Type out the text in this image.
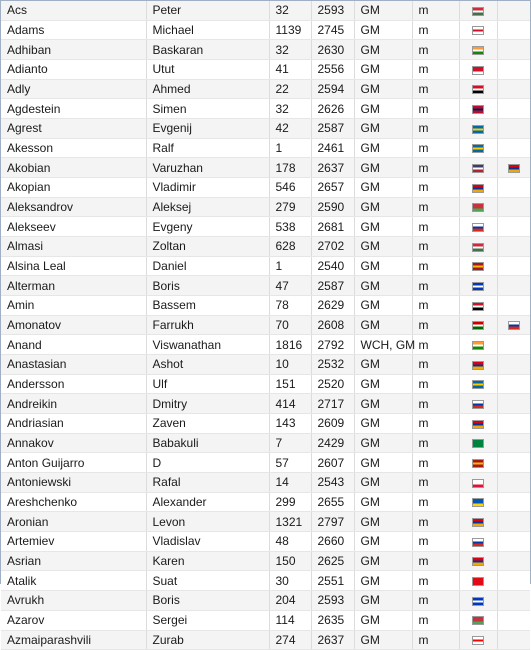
Acs	Peter	32	2593	GM	m		
Adams	Michael	1139	2745	GM	m		
Adhiban	Baskaran	32	2630	GM	m		
Adianto	Utut	41	2556	GM	m		
Adly	Ahmed	22	2594	GM	m		
Agdestein	Simen	32	2626	GM	m		
Agrest	Evgenij	42	2587	GM	m		
Akesson	Ralf	1	2461	GM	m		
Akobian	Varuzhan	178	2637	GM	m		
Akopian	Vladimir	546	2657	GM	m		
Aleksandrov	Aleksej	279	2590	GM	m		
Alekseev	Evgeny	538	2681	GM	m		
Almasi	Zoltan	628	2702	GM	m		
Alsina Leal	Daniel	1	2540	GM	m		
Alterman	Boris	47	2587	GM	m		
Amin	Bassem	78	2629	GM	m		
Amonatov	Farrukh	70	2608	GM	m		
Anand	Viswanathan	1816	2792	WCH, GM	m		
Anastasian	Ashot	10	2532	GM	m		
Andersson	Ulf	151	2520	GM	m		
Andreikin	Dmitry	414	2717	GM	m		
Andriasian	Zaven	143	2609	GM	m		
Annakov	Babakuli	7	2429	GM	m		
Anton Guijarro	D	57	2607	GM	m		
Antoniewski	Rafal	14	2543	GM	m		
Areshchenko	Alexander	299	2655	GM	m		
Aronian	Levon	1321	2797	GM	m		
Artemiev	Vladislav	48	2660	GM	m		
Asrian	Karen	150	2625	GM	m		
Atalik	Suat	30	2551	GM	m		
Avrukh	Boris	204	2593	GM	m		
Azarov	Sergei	114	2635	GM	m		
Azmaiparashvili	Zurab	274	2637	GM	m		
